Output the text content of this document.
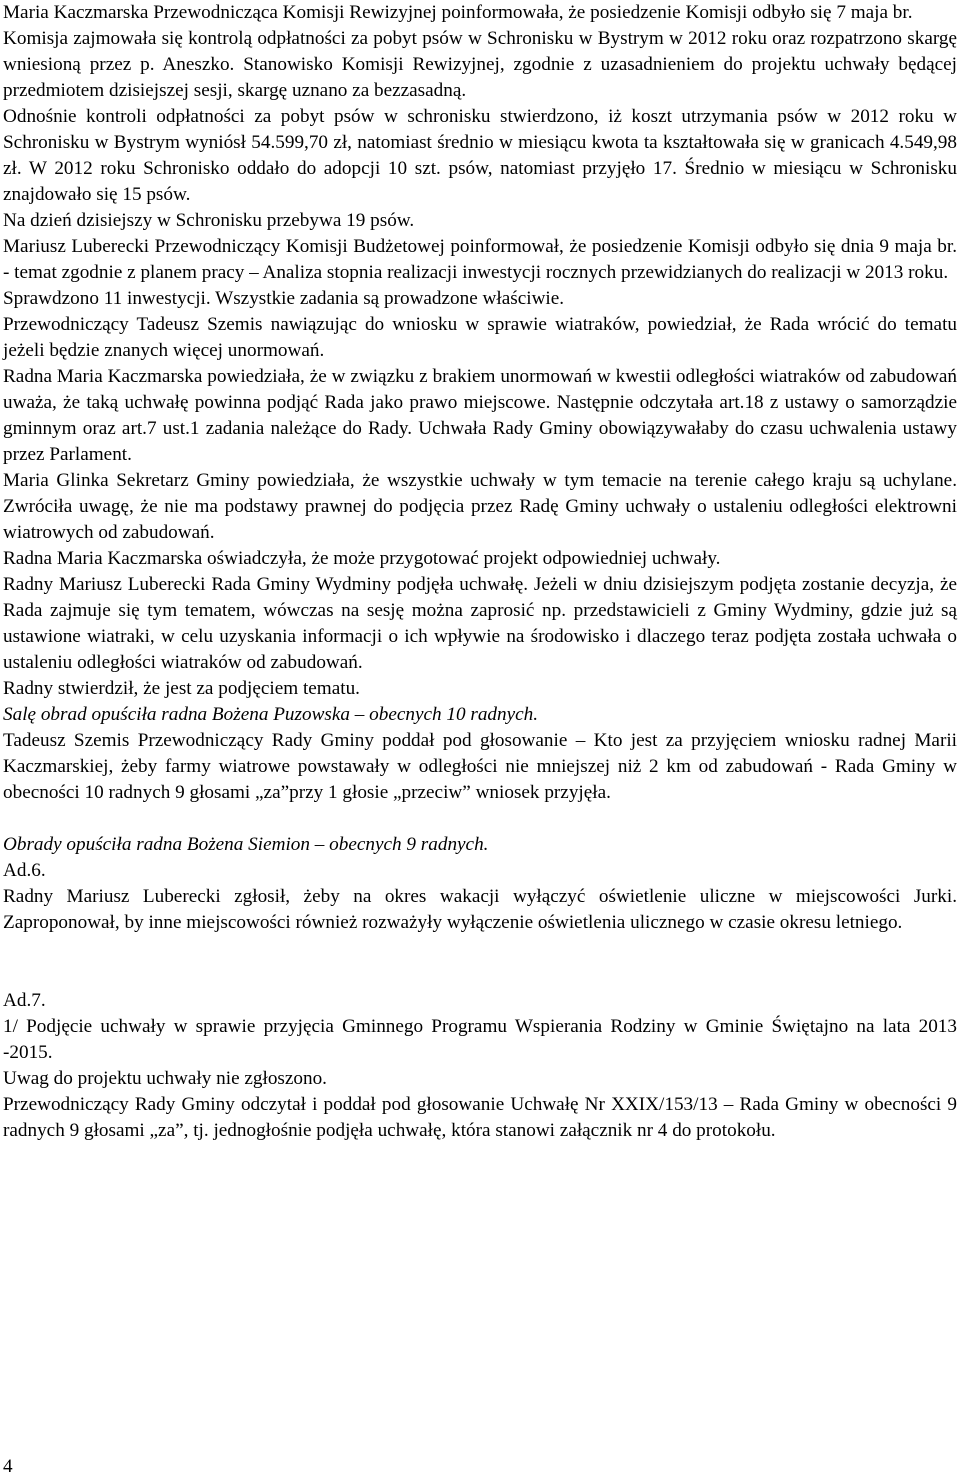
Maria Kaczmarska Przewodnicząca Komisji Rewizyjnej poinformowała, że posiedzenie Komisji odbyło się 7 maja br.

Komisja zajmowała się kontrolą odpłatności za pobyt psów w Schronisku w Bystrym w 2012 roku oraz rozpatrzono skargę wniesioną przez p. Aneszko. Stanowisko Komisji Rewizyjnej, zgodnie z uzasadnieniem do projektu uchwały będącej przedmiotem dzisiejszej sesji, skargę uznano za bezzasadną.

Odnośnie kontroli odpłatności za pobyt psów w schronisku stwierdzono, iż koszt utrzymania psów w 2012 roku w Schronisku w Bystrym wyniósł 54.599,70 zł, natomiast średnio w miesiącu kwota ta kształtowała się w granicach 4.549,98 zł. W 2012 roku Schronisko oddało do adopcji 10 szt. psów, natomiast przyjęło 17. Średnio w miesiącu w Schronisku znajdowało się 15 psów.

Na dzień dzisiejszy w Schronisku przebywa 19 psów.

Mariusz Luberecki Przewodniczący Komisji Budżetowej poinformował, że posiedzenie Komisji odbyło się dnia 9 maja br. - temat zgodnie z planem pracy – Analiza stopnia realizacji inwestycji rocznych przewidzianych do realizacji w 2013 roku.

Sprawdzono 11 inwestycji. Wszystkie zadania są prowadzone właściwie.

Przewodniczący Tadeusz Szemis nawiązując do wniosku w sprawie wiatraków, powiedział, że Rada wrócić do tematu jeżeli będzie znanych więcej unormowań.

Radna Maria Kaczmarska powiedziała, że w związku z brakiem unormowań w kwestii odległości wiatraków od zabudowań uważa, że taką uchwałę powinna podjąć Rada jako prawo miejscowe. Następnie odczytała art.18 z ustawy o samorządzie gminnym oraz art.7 ust.1 zadania należące do Rady. Uchwała Rady Gminy obowiązywałaby do czasu uchwalenia ustawy przez Parlament.

Maria Glinka Sekretarz Gminy powiedziała, że wszystkie uchwały w tym temacie na terenie całego kraju są uchylane. Zwróciła uwagę, że nie ma podstawy prawnej do podjęcia przez Radę Gminy uchwały o ustaleniu odległości elektrowni wiatrowych od zabudowań.

Radna Maria Kaczmarska oświadczyła, że może przygotować projekt odpowiedniej uchwały.

Radny Mariusz Luberecki Rada Gminy Wydminy podjęła uchwałę. Jeżeli w dniu dzisiejszym podjęta zostanie decyzja, że Rada zajmuje się tym tematem, wówczas na sesję można zaprosić np. przedstawicieli z Gminy Wydminy, gdzie już są ustawione wiatraki, w celu uzyskania informacji o ich wpływie na środowisko i dlaczego teraz podjęta została uchwała o ustaleniu odległości wiatraków od zabudowań.

Radny stwierdził, że jest za podjęciem tematu.

Salę obrad opuściła radna Bożena Puzowska – obecnych 10 radnych.

Tadeusz Szemis Przewodniczący Rady Gminy poddał pod głosowanie – Kto jest za przyjęciem wniosku radnej Marii Kaczmarskiej, żeby farmy wiatrowe powstawały w odległości nie mniejszej niż 2 km od zabudowań - Rada Gminy w obecności 10 radnych 9 głosami „za”przy 1 głosie „przeciw” wniosek przyjęła.

Obrady opuściła radna Bożena Siemion – obecnych 9 radnych.

Ad.6.

Radny Mariusz Luberecki zgłosił, żeby na okres wakacji wyłączyć oświetlenie uliczne w miejscowości Jurki. Zaproponował, by inne miejscowości również rozważyły wyłączenie oświetlenia ulicznego w czasie okresu letniego.

Ad.7.

1/ Podjęcie uchwały w sprawie przyjęcia Gminnego Programu Wspierania Rodziny w Gminie Świętajno na lata 2013 -2015.

Uwag do projektu uchwały nie zgłoszono.

Przewodniczący Rady Gminy odczytał i poddał pod głosowanie Uchwałę Nr XXIX/153/13 – Rada Gminy w obecności 9 radnych 9 głosami „za”, tj. jednogłośnie podjęła uchwałę, która stanowi załącznik nr 4 do protokołu.

4
